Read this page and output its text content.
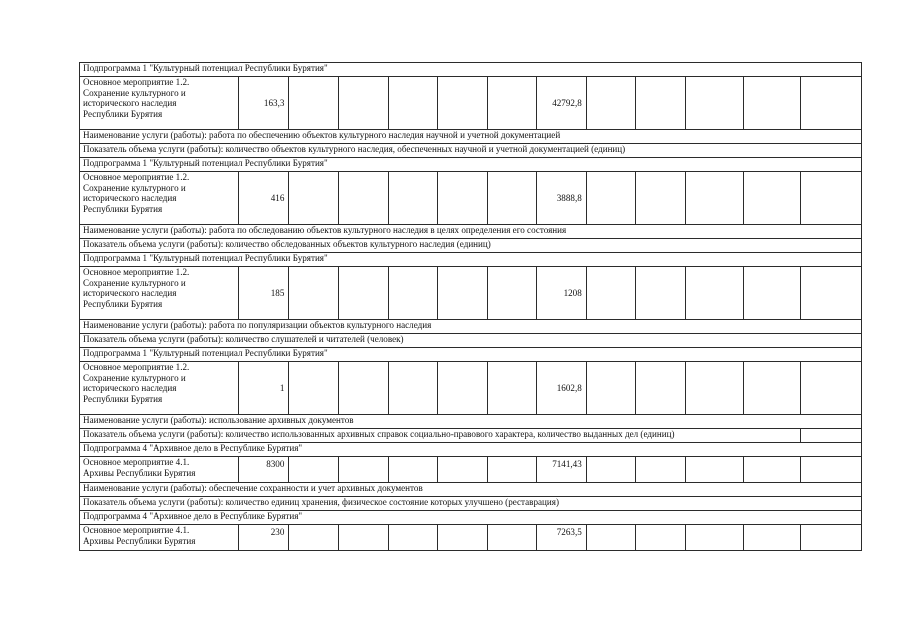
Подпрограмма 1 "Культурный потенциал Республики Бурятия"												

Основное мероприятие 1.2.
Сохранение культурного и
исторического наследия
Республики Бурятия	163,3						42792,8					
Наименование услуги (работы): работа по обеспечению объектов культурного наследия научной и учетной документацией												
Показатель объема услуги (работы): количество объектов культурного наследия, обеспеченных научной и учетной документацией (единиц)												
Подпрограмма 1 "Культурный потенциал Республики Бурятия"												

Основное мероприятие 1.2.
Сохранение культурного и
исторического наследия
Республики Бурятия	416						3888,8					
Наименование услуги (работы): работа по обследованию объектов культурного наследия в целях определения его состояния												
Показатель объема услуги (работы): количество обследованных объектов культурного наследия (единиц)												
Подпрограмма 1 "Культурный потенциал Республики Бурятия"												

Основное мероприятие 1.2.
Сохранение культурного и
исторического наследия
Республики Бурятия	185						1208					
Наименование услуги (работы): работа по популяризации объектов культурного наследия												
Показатель объема услуги (работы): количество слушателей и читателей (человек)												
Подпрограмма 1 "Культурный потенциал Республики Бурятия"												

Основное мероприятие 1.2.
Сохранение культурного и
исторического наследия
Республики Бурятия	1						1602,8					
Наименование услуги (работы): использование архивных документов												
Показатель объема услуги (работы): количество использованных архивных справок социально-правового характера, количество выданных дел (единиц)												
Подпрограмма 4 "Архивное дело в Республике Бурятия"												

Основное мероприятие 4.1.
Архивы Республики Бурятия	8300						7141,43					
Наименование услуги (работы): обеспечение сохранности и учет архивных документов												
Показатель объема услуги (работы): количество единиц хранения, физическое состояние которых улучшено (реставрация)												
Подпрограмма 4 "Архивное дело в Республике Бурятия"												

Основное мероприятие 4.1.
Архивы Республики Бурятия	230						7263,5					
